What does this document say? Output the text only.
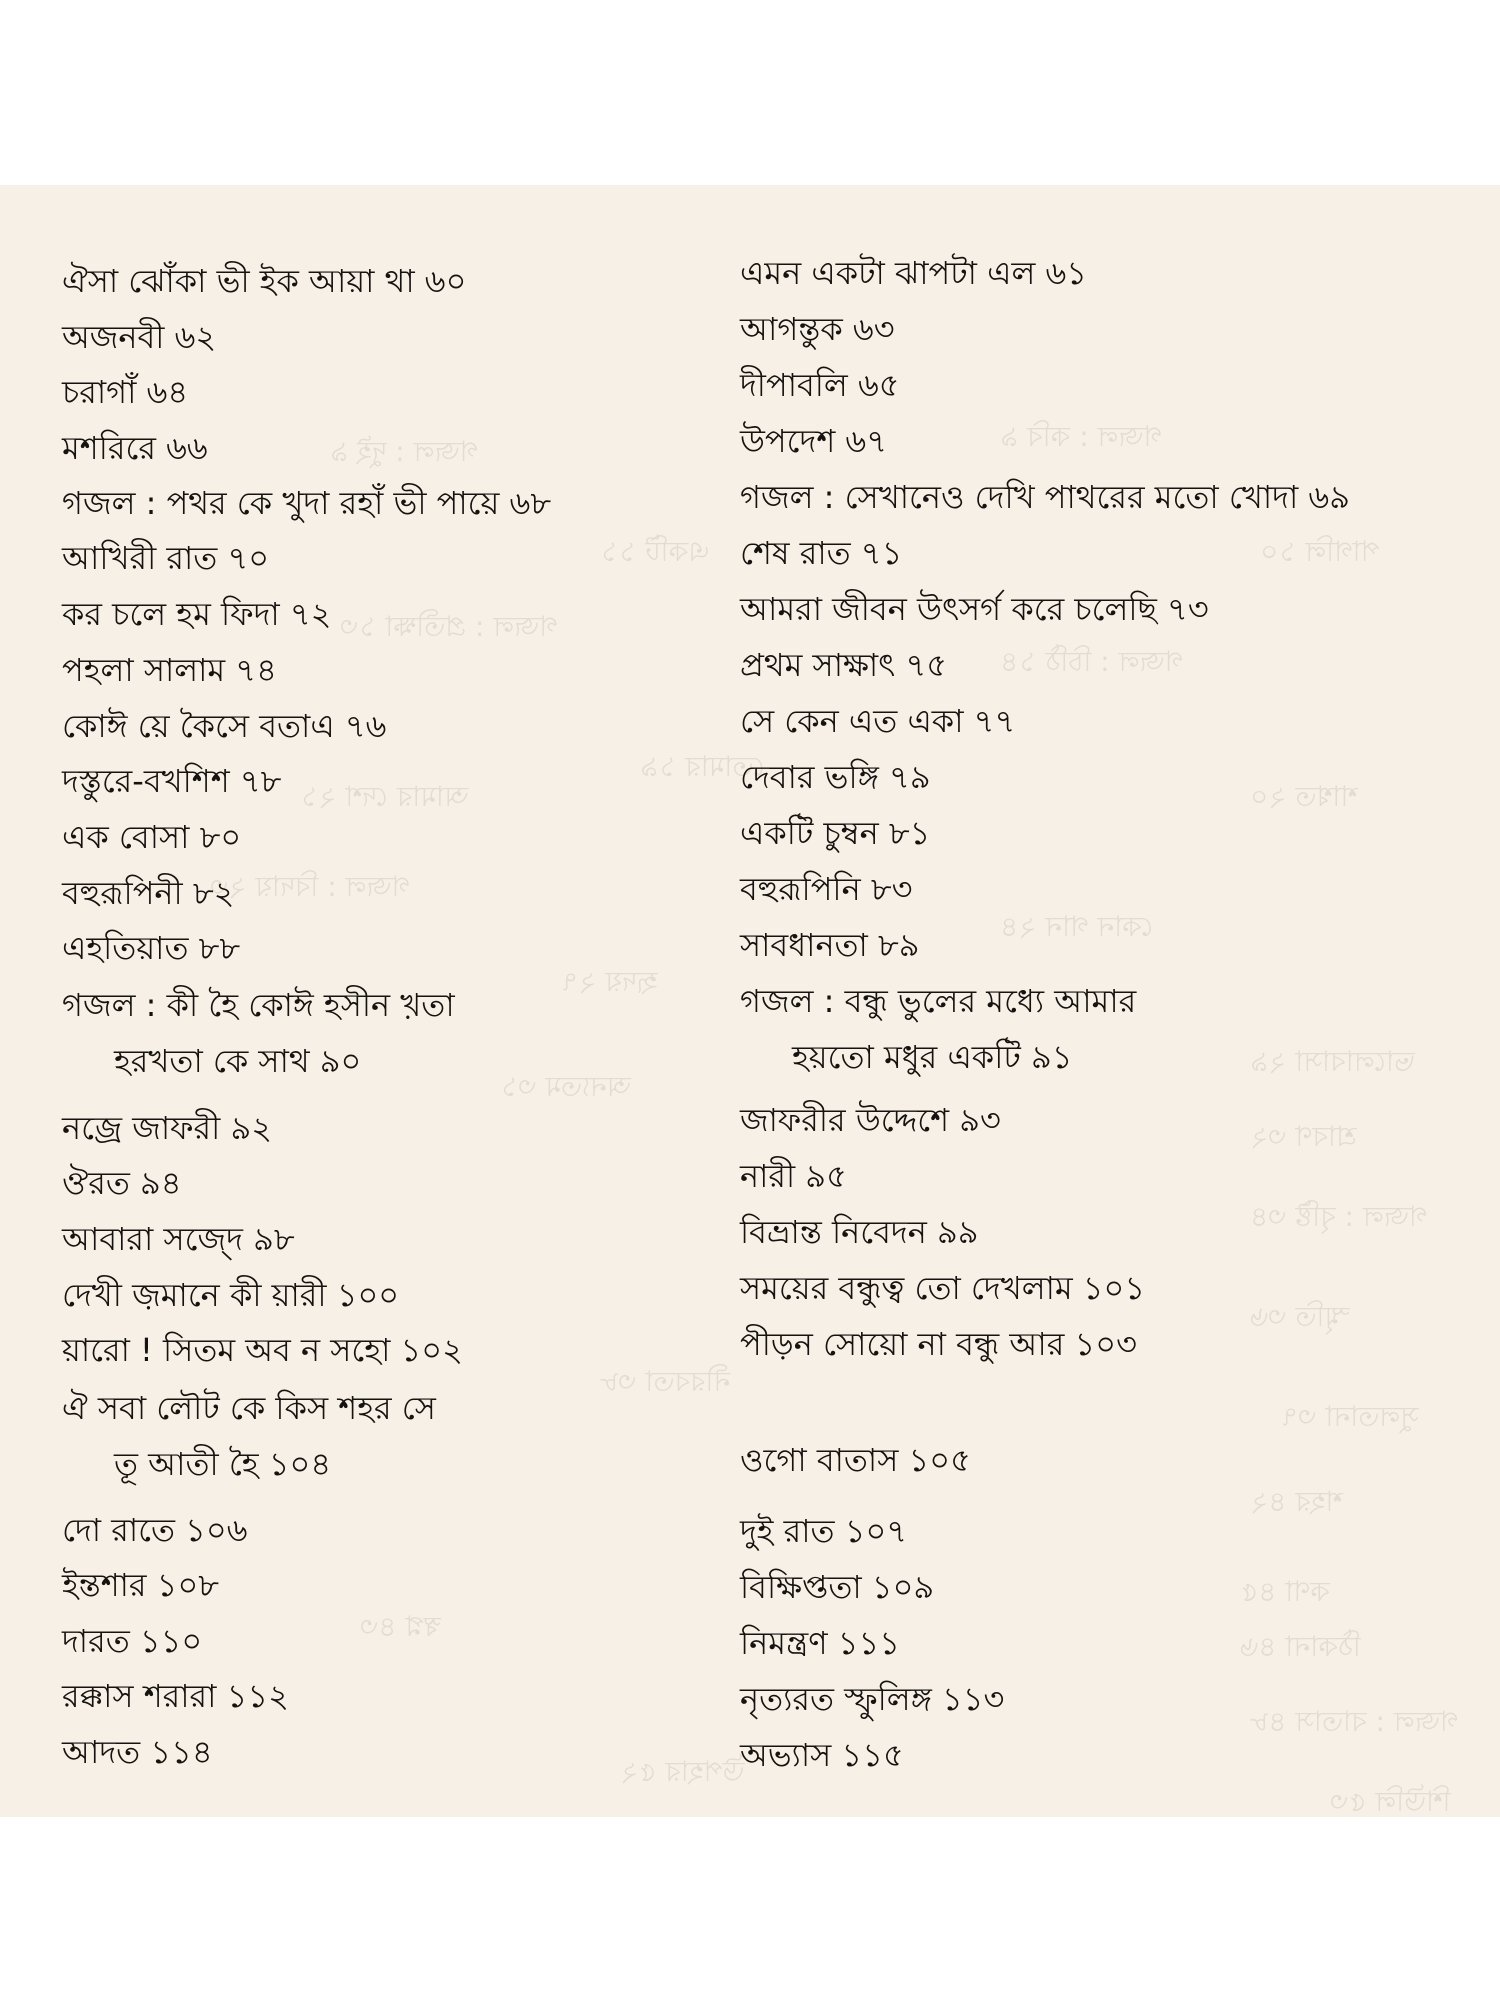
গজল : কবি ৯
গজল : দুই ৯
পাগলি ১০
একটি ১১
গজল : প্রতীক্ষা ১৩
গজল : চিঠি ১৪
তোমার ১৯
আমার দেশ ২১	শাশ্বত ২০
গজল : বিদায় ২৩
কোন গান ২৪
হৃদয় ২৭
ভালোবাসা ২৯
অন্যতম ৩১
শ্রাবণ ৩২
গজল : বৃষ্টি ৩৪
স্মৃতি ৩৬
সুলতানা ৩৭
নীরবতা ৩৮
শহর ৪২
কণা ৪৫
ঠিকানা ৪৬
স্বপ্ন ৪৩
গজল : বাতাস ৪৮
উপহার ৫২
শিউলি ৫৩
ঐসা ঝোঁকা ভী ইক আয়া থা ৬০
অজনবী ৬২
চরাগাঁ ৬৪
মশরিরে ৬৬
গজল : পথর কে খুদা রহাঁ ভী পায়ে ৬৮
আখিরী রাত ৭০
কর চলে হম ফিদা ৭২
পহলা সালাম ৭৪
কোঈ য়ে কৈসে বতাএ ৭৬
দস্তুরে-বখশিশ ৭৮
এক বোসা ৮০
বহুরূপিনী ৮২
এহতিয়াত ৮৮
গজল : কী হৈ কোঈ হসীন খ়তা
হরখতা কে সাথ ৯০
নজ্রে জাফরী ৯২
ঔরত ৯৪
আবারা সজ্দে ৯৮
দেখী জ়মানে কী য়ারী ১০০
য়ারো ! সিতম অব ন সহো ১০২
ঐ সবা লৌট কে কিস শহর সে
তূ আতী হৈ ১০৪
দো রাতে ১০৬
ইন্তশার ১০৮
দারত ১১০
রক্কাস শরারা ১১২
আদত ১১৪
এমন একটা ঝাপটা এল ৬১
আগন্তুক ৬৩
দীপাবলি ৬৫
উপদেশ ৬৭
গজল : সেখানেও দেখি পাথরের মতো খোদা ৬৯
শেষ রাত ৭১
আমরা জীবন উৎসর্গ করে চলেছি ৭৩
প্রথম সাক্ষাৎ ৭৫
সে কেন এত একা ৭৭
দেবার ভঙ্গি ৭৯
একটি চুম্বন ৮১
বহুরূপিনি ৮৩
সাবধানতা ৮৯
গজল : বন্ধু ভুলের মধ্যে আমার
হয়তো মধুর একটি ৯১
জাফরীর উদ্দেশে ৯৩
নারী ৯৫
বিভ্রান্ত নিবেদন ৯৯
সময়ের বন্ধুত্ব তো দেখলাম ১০১
পীড়ন সোয়ো না বন্ধু আর ১০৩
ওগো বাতাস ১০৫
দুই রাত ১০৭
বিক্ষিপ্ততা ১০৯
নিমন্ত্রণ ১১১
নৃত্যরত স্ফুলিঙ্গ ১১৩
অভ্যাস ১১৫
